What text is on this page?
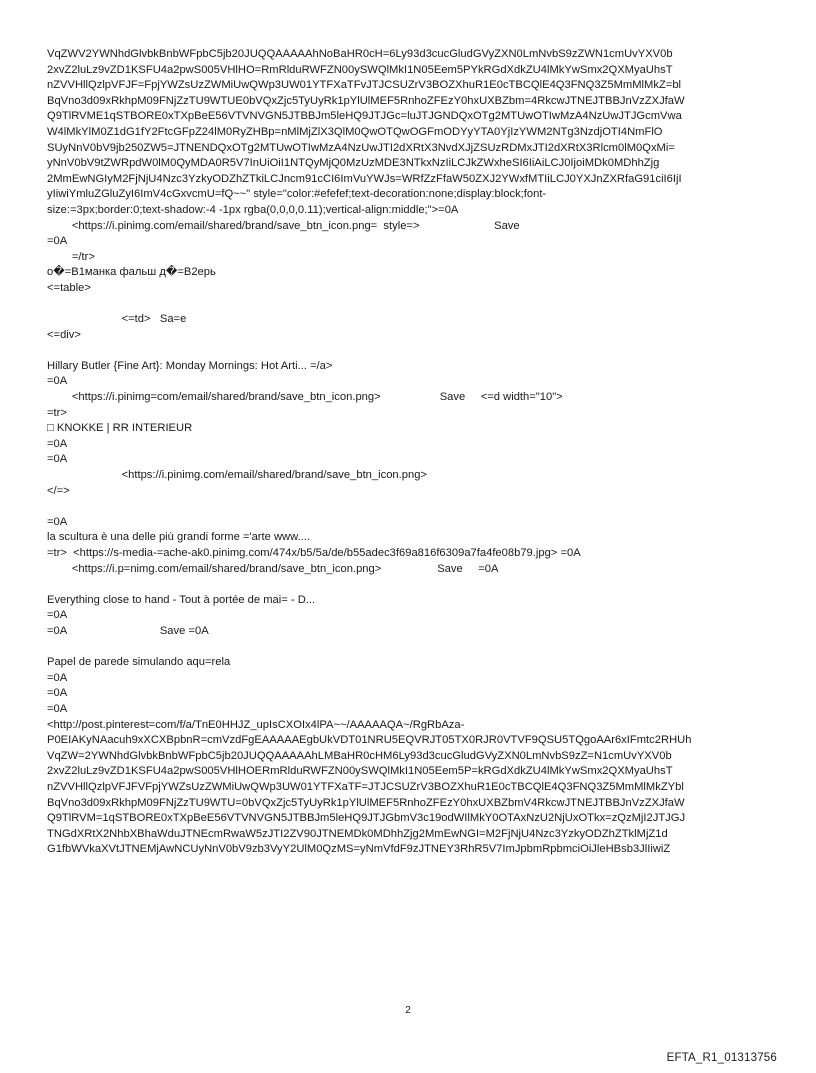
VqZWV2YWNhdGlvbkBnbWFpbC5jb20JUQQAAAAAhNoBaHR0cH=6Ly93d3cucGludGVyZXN0LmNvbS9zZWN1cmUvYXV0b
2xvZ2luLz9vZD1KSFU4a2pwS005VHlHO=RmRlduRWFZN00ySWQlMkI1N05Eem5PYkRGdXdkZU4lMkYwSmx2QXMyaUhsT
nZVVHllQzlpVFJF=FpjYWZsUzZWMiUwQWp3UW01YTFXaTFvJTJCSUZrV3BOZXhuR1E0cTBCQlE4Q3FNQ3Z5MmMlMkZ=bl
BqVno3d09xRkhpM09FNjZzTU9WTUE0bVQxZjc5TyUyRk1pYlUlMEF5RnhoZFEzY0hxUXBZbm=4RkcwJTNEJTBBJnVzZXJfaW
Q9TlRVME1qSTBORE0xTXpBeE56VTVNVGN5JTBBJm5leHQ9JTJGc=luJTJGNDQxOTg2MTUwOTIwMzA4NzUwJTJGcmVwa
W4lMkYlM0Z1dG1fY2FtcGFpZ24lM0RyZHBp=nMlMjZlX3QlM0QwOTQwOGFmODYyYTA0YjIzYWM2NTg3NzdjOTI4NmFlO
SUyNnV0bV9jb250ZW5=JTNENDQxOTg2MTUwOTIwMzA4NzUwJTI2dXRtX3NvdXJjZSUzRDMxJTI2dXRtX3Rlcm0lM0QxMi=
yNnV0bV9tZWRpdW0lM0QyMDA0R5V7InUiOiI1NTQyMjQ0MzUzMDE3NTkxNzIiLCJkZWxheSI6IiAiLCJ0IjoiMDk0MDhhZjg
2MmEwNGIyM2FjNjU4Nzc3YzkyODZhZTkiLCJncm91cCI6ImVuYWJs=WRfZzFfaW50ZXJ2YWxfMTIiLCJ0YXJnZXRfaG91ciI6IjI
yIiwiYmluZGluZyI6ImV4cGxvcmU=fQ~~" style="color:#efefef;text-decoration:none;display:block;font-
size:=3px;border:0;text-shadow:-4 -1px rgba(0,0,0,0.11);vertical-align:middle;">=0A
<https://i.pinimg.com/email/shared/brand/save_btn_icon.png=  style=>                        Save
=0A
=/tr>
o�=B1манка фальш д�=B2ерь
<=table>
<=td>   Sa=e
<=div>
Hillary Butler {Fine Art}: Monday Mornings: Hot Arti... =/a>
=0A
<https://i.pinimg=com/email/shared/brand/save_btn_icon.png>                   Save     <=d width="10">
=tr>
□ KNOKKE | RR INTERIEUR
=0A
=0A
<https://i.pinimg.com/email/shared/brand/save_btn_icon.png>
</=>
=0A
la scultura è una delle più grandi forme ='arte www....
=tr>  <https://s-media-=ache-ak0.pinimg.com/474x/b5/5a/de/b55adec3f69a816f6309a7fa4fe08b79.jpg> =0A
<https://i.p=nimg.com/email/shared/brand/save_btn_icon.png>                  Save     =0A
Everything close to hand - Tout à portée de mai= - D...
=0A
=0A                              Save =0A
Papel de parede simulando aqu=rela
=0A
=0A
=0A
<http://post.pinterest=com/f/a/TnE0HHJZ_upIsCXOIx4lPA~~/AAAAAQA~/RgRbAza-
P0EIAKyNAacuh9xXCXBpbnR=cmVzdFgEAAAAAEgbUkVDT01NRU5EQVRJT05TX0RJR0VTVF9QSU5TQgoAAr6xIFmtc2RHUh
VqZW=2YWNhdGlvbkBnbWFpbC5jb20JUQQAAAAAhLMBaHR0cHM6Ly93d3cucGludGVyZXN0LmNvbS9zZ=N1cmUvYXV0b
2xvZ2luLz9vZD1KSFU4a2pwS005VHlHOERmRlduRWFZN00ySWQlMkI1N05Eem5P=kRGdXdkZU4lMkYwSmx2QXMyaUhsT
nZVVHllQzlpVFJFVFpjYWZsUzZWMiUwQWp3UW01YTFXaTF=JTJCSUZrV3BOZXhuR1E0cTBCQlE4Q3FNQ3Z5MmMlMkZYbl
BqVno3d09xRkhpM09FNjZzTU9WTU=0bVQxZjc5TyUyRk1pYlUlMEF5RnhoZFEzY0hxUXBZbmV4RkcwJTNEJTBBJnVzZXJfaW
Q9TlRVM=1qSTBORE0xTXpBeE56VTVNVGN5JTBBJm5leHQ9JTJGbmV3c19odWIlMkY0OTAxNzU2NjUxOTkx=zQzMjI2JTJGJ
TNGdXRtX2NhbXBhaWduJTNEcmRwaW5zJTI2ZV90JTNEMDk0MDhhZjg2MmEwNGI=M2FjNjU4Nzc3YzkyODZhZTklMjZ1d
G1fbWVkaXVtJTNEMjAwNCUyNnV0bV9zb3VyY2UlM0QzMS=yNmVfdF9zJTNEY3RhR5V7ImJpbmRpbmciOiJleHBsb3JlIiwiZ
2
EFTA_R1_01313756
